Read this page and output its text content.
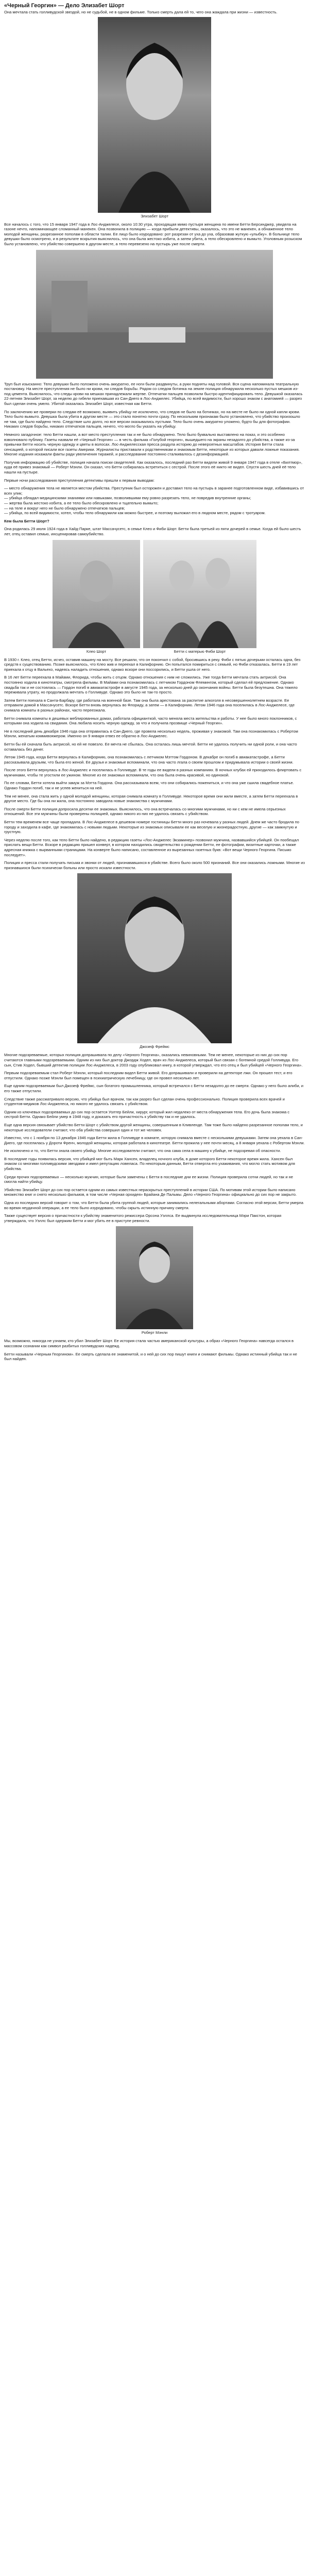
«Черный Георгин» — Дело Элизабет Шорт
Она мечтала стать голливудской звездой, но не судьбой, не в одном фильме. Только смерть дала ей то, чего она жаждала при жизни — известность.
Элизабет Шорт

Все началось с того, что 15 января 1947 года в Лос-Анджелесе, около 10:30 утра, проходящая мимо пустыря женщина по имени Бетти Берсинджер, увидела на газоне нечто, напоминающее сломанный манекен. Она позвонила в полицию — когда прибыли детективы, оказалось, что это не манекен, а обнаженное тело молодой женщины, разрезанное пополам в области талии. Ее лицо было изуродовано: рот разрезан от уха до уха, образовав жуткую «улыбку». В больнице тело девушки было осмотрено, и в результате вскрытия выяснилось, что она была жестоко избита, а затем убита, а тело обескровлено и вымыто. Уголовным розыском было установлено, что убийство совершено в другом месте, а тело перевезено на пустырь уже после смерти.

Труп был изысканно: Тело девушки было положено очень аккуратно, ее ноги были раздвинуты, а руки подняты над головой. Вся сцена напоминала театральную постановку. На месте преступления не было ни крови, ни следов борьбы. Рядом со следом ботинка на земле полиция обнаружила несколько пустых мешков из-под цемента. Выяснилось, что следы крови на мешках принадлежали жертве. Отпечатки пальцев позволили быстро идентифицировать тело. Девушкой оказалась 22-летняя Элизабет Шорт, за неделю до гибели приехавшая из Сан-Диего в Лос-Анджелес. Убийца, по всей видимости, был хорошо знаком с анатомией — разрез был сделан очень умело. Убитой оказалась Элизабет Шорт, известная как Бетти.

По заключению же проверки по следам её возможно, выявить убийцу не исключено, что следов не было на ботинках, но на месте не было ни одной капли крови. Тело было вымыто. Девушка была убита в другом месте — это стало понятно почти сразу. По нескольким признакам было установлено, что убийство произошло не там, где было найдено тело. Следствие шло долго, но все версии оказывались пустыми. Тело было очень аккуратно уложено, будто бы для фотографии. Никаких следов борьбы, никаких отпечатков пальцев, ничего, что могло бы указать на убийцу.

Немного загадочное: тело Бетти нашли, а вот место преступления так и не было обнаружено. Тело было буквально выставлено на показ, и это особенно взволновало публику. Газеты назвали её «Черный Георгин» — в честь фильма «Голубой георгин», вышедшего на экраны незадолго до убийства, а также из-за привычки Бетти носить черную одежду и цветы в волосах. Лос-Анджелесская пресса раздула историю до невероятных масштабов. История Бетти стала сенсацией, о которой писали все газеты Америки. Журналисты приставали к родственникам и знакомым Бетти, некоторые из которых давали ложные показания. Многие издания искажали факты ради увеличения тиражей, и расследование постоянно сталкивалось с дезинформацией.

Получив информацию об убийстве, полиция начала поиски свидетелей. Как оказалось, последний раз Бетти видели живой 9 января 1947 года в отеле «Билтмор», куда её привез знакомый — Роберт Мэнли. Он сказал, что Бетти собиралась встретиться с сестрой. После этого её никто не видел. Спустя шесть дней её тело нашли на пустыре.

Первые ночи расследования преступления детективы пришли к первым выводам:

— место обнаружения тела не является местом убийства. Преступник был осторожен и доставил тело на пустырь в заранее подготовленном виде, избавившись от всех улик;
— убийца обладал медицинскими знаниями или навыками, позволившими ему ровно разрезать тело, не повредив внутренние органы;
— жертва была жестоко избита, а ее тело было обескровлено и тщательно вымыто;
— на теле и вокруг него не было обнаружено отпечатков пальцев;
— убийца, по всей видимости, хотел, чтобы тело обнаружили как можно быстрее, и поэтому выложил его в людном месте, рядом с тротуаром.

Кем была Бетти Шорт?

Она родилась 29 июля 1924 года в Хайд-Парке, штат Массачусетс, в семье Клео и Фиби Шорт. Бетти была третьей из пяти дочерей в семье. Когда ей было шесть лет, отец оставил семью, инсценировав самоубийство.

Клео Шорт	Бетти с матерью Фиби Шорт

В 1930 г. Клео, отец Бетти, исчез, оставив машину на мосту. Все решили, что он покончил с собой, бросившись в реку. Фиби с пятью дочерьми осталась одна, без средств к существованию. Позже выяснилось, что Клео жив и переехал в Калифорнию. Он попытался помириться с семьей, но Фиби отказалась. Бетти в 19 лет приехала к отцу в Вальехо, надеясь наладить отношения, однако вскоре они поссорились, и Бетти ушла от него.

В 16 лет Бетти переехала в Майами, Флорида, чтобы жить с отцом. Однако отношения с ним не сложились. Уже тогда Бетти мечтала стать актрисой. Она постоянно ходила в кинотеатры, смотрела фильмы. В Майами она познакомилась с летчиком Гордоном Флемингом, который сделал ей предложение. Однако свадьба так и не состоялась — Гордон погиб в авиакатастрофе в августе 1945 года, за несколько дней до окончания войны. Бетти была безутешна. Она тяжело переживала утрату, но продолжала мечтать о Голливуде. Однако это было не так-то просто.

Затем Бетти поехала в Санта-Барбару, где работала на военной базе. Там она была арестована за распитие алкоголя в несовершеннолетнем возрасте. Ее отправили домой в Массачусетс. Вскоре Бетти вновь вернулась во Флориду, а затем — в Калифорнию. Летом 1946 года она поселилась в Лос-Анджелесе, где снимала комнаты в разных районах, часто переезжала.

Бетти снимала комнаты в дешевых меблированных домах, работала официанткой, часто меняла места жительства и работы. У нее было много поклонников, с которыми она ходила на свидания. Она любила носить черную одежду, за что и получила прозвище «Черный Георгин».

Не в последний день декабря 1946 года она отправилась в Сан-Диего, где провела несколько недель, проживая у знакомой. Там она познакомилась с Робертом Мэнли, женатым коммивояжером. Именно он 9 января отвез ее обратно в Лос-Анджелес.

Бетти бы ей сначала быть актрисой, но ей не повезло. Ее мечта не сбылась. Она осталась лишь мечтой. Бетти не удалось получить ни одной роли, и она часто оставалась без денег.

Летом 1945 года, когда Бетти вернулась в Калифорнию, она познакомилась с летчиком Мэттом Гордоном. В декабре он погиб в авиакатастрофе, а Бетти рассказывала друзьям, что была его женой. Ее друзья и знакомые вспоминали, что она часто лгала о своем прошлом и придумывала истории о своей жизни.

После этого Бетти вернулась в Лос-Анджелес и поселилась в Голливуде. В те годы ее видели в разных компаниях. В ночных клубах ей приходилось флиртовать с мужчинами, чтобы те угостили ее ужином. Многие из ее знакомых вспоминали, что она была очень красивой, но одинокой.

По ее словам, Бетти хотела выйти замуж за Мэтта Гордона. Она рассказывала всем, что они собирались пожениться, и что она уже сшила свадебное платье. Однако Гордон погиб, так и не успев жениться на ней.

Тем не менее, она стала жить у одной молодой женщины, которая снимала комнату в Голливуде. Некоторое время они жили вместе, а затем Бетти переехала в другое место. Где бы она ни жила, она постоянно заводила новые знакомства с мужчинами.

После смерти Бетти полиция допросила десятки ее знакомых. Выяснилось, что она встречалась со многими мужчинами, но ни с кем не имела серьезных отношений. Все эти мужчины были проверены полицией, однако никого из них не удалось связать с убийством.

Бетти тем временем все чаще пропадала. В Лос-Анджелесе в дешевом номере гостиницы Бетти много раз ночевала у разных людей. Днем же часто бродила по городу и заходила в кафе, где знакомилась с новыми людьми. Некоторые из знакомых описывали ее как веселую и жизнерадостную, другие — как замкнутую и грустную.

Через неделю после того, как тело Бетти было найдено, в редакцию газеты «Лос-Анджелес Экзаминер» позвонил мужчина, назвавшийся убийцей. Он пообещал прислать вещи Бетти. Вскоре в редакцию пришел конверт, в котором находились свидетельство о рождении Бетти, ее фотографии, визитные карточки, а также адресная книжка с вырванными страницами. На конверте было написано, составленное из вырезанных газетных букв: «Вот вещи Черного Георгина. Письмо последует».

Полиция и пресса стали получать письма и звонки от людей, признававшихся в убийстве. Всего было около 500 признаний. Все они оказались ложными. Многие из признавшихся были психически больны или просто искали известности.

Джозеф Фреймс

Многие подозреваемые, которых полиция допрашивала по делу «Черного Георгина», оказались невиновными. Тем не менее, некоторые из них до сих пор считаются главными подозреваемыми. Одним из них был доктор Джордж Ходел, врач из Лос-Анджелеса, который был связан с богемной средой Голливуда. Его сын, Стив Ходел, бывший детектив полиции Лос-Анджелеса, в 2003 году опубликовал книгу, в которой утверждал, что его отец и был убийцей «Черного Георгина».

Первым подозреваемым стал Роберт Мэнли, который последним видел Бетти живой. Его допрашивали и проверили на детекторе лжи. Он прошел тест, и его отпустили. Однако позже Мэнли был помещен в психиатрическую лечебницу, где он провел несколько лет.

Еще одним подозреваемым был Джозеф Фреймс, сын богатого промышленника, который встречался с Бетти незадолго до ее смерти. Однако у него было алиби, и его также отпустили.

Следствие также рассматривало версию, что убийца был врачом, так как разрез был сделан очень профессионально. Полиция проверила всех врачей и студентов-медиков Лос-Анджелеса, но никого не удалось связать с убийством.

Одним из ключевых подозреваемых до сих пор остается Уолтер Бейли, хирург, который жил недалеко от места обнаружения тела. Его дочь была знакома с сестрой Бетти. Однако Бейли умер в 1948 году, и доказать его причастность к убийству так и не удалось.

Еще одна версия связывает убийство Бетти Шорт с убийством другой женщины, совершенным в Кливленде. Там тоже было найдено разрезанное пополам тело, и некоторые исследователи считают, что оба убийства совершил один и тот же человек.

Известно, что с 1 ноября по 13 декабря 1946 года Бетти жила в Голливуде в комнате, которую снимала вместе с несколькими девушками. Затем она уехала в Сан-Диего, где поселилась у Дороти Френч, молодой женщины, которая работала в кинотеатре. Бетти прожила у нее почти месяц, а 8 января уехала с Робертом Мэнли.

Не исключено и то, что Бетти знала своего убийцу. Многие исследователи считают, что она сама села в машину к убийце, не подозревая об опасности.

В последние годы появилась версия, что убийцей мог быть Марк Хансен, владелец ночного клуба, в доме которого Бетти некоторое время жила. Хансен был знаком со многими голливудскими звездами и имел репутацию ловеласа. По некоторым данным, Бетти отвергла его ухаживания, что могло стать мотивом для убийства.

Среди прочих подозреваемых — несколько мужчин, которые были замечены с Бетти в последние дни ее жизни. Полиция проверила сотни людей, но так и не смогла найти убийцу.

Убийство Элизабет Шорт до сих пор остается одним из самых известных нераскрытых преступлений в истории США. По мотивам этой истории было написано множество книг и снято несколько фильмов, в том числе «Черная орхидея» Брайана Де Пальмы. Дело «Черного Георгина» официально до сих пор не закрыто.

Одна из последних версий говорит о том, что Бетти была убита группой людей, которые занимались нелегальными абортами. Согласно этой версии, Бетти умерла во время неудачной операции, а ее тело было изуродовано, чтобы скрыть истинную причину смерти.

Также существует версия о причастности к убийству знаменитого режиссера Орсона Уэллса. Ее выдвинула исследовательница Мэри Пакстон, которая утверждала, что Уэллс был одержим Бетти и мог убить ее в приступе ревности.

Роберт Мэнли

Мы, возможно, никогда не узнаем, кто убил Элизабет Шорт. Ее история стала частью американской культуры, а образ «Черного Георгина» навсегда остался в массовом сознании как символ разбитых голливудских надежд.

Бетти называли «Черным Георгином». Ее смерть сделала ее знаменитой, и о ней до сих пор пишут книги и снимают фильмы. Однако истинный убийца так и не был найден.
